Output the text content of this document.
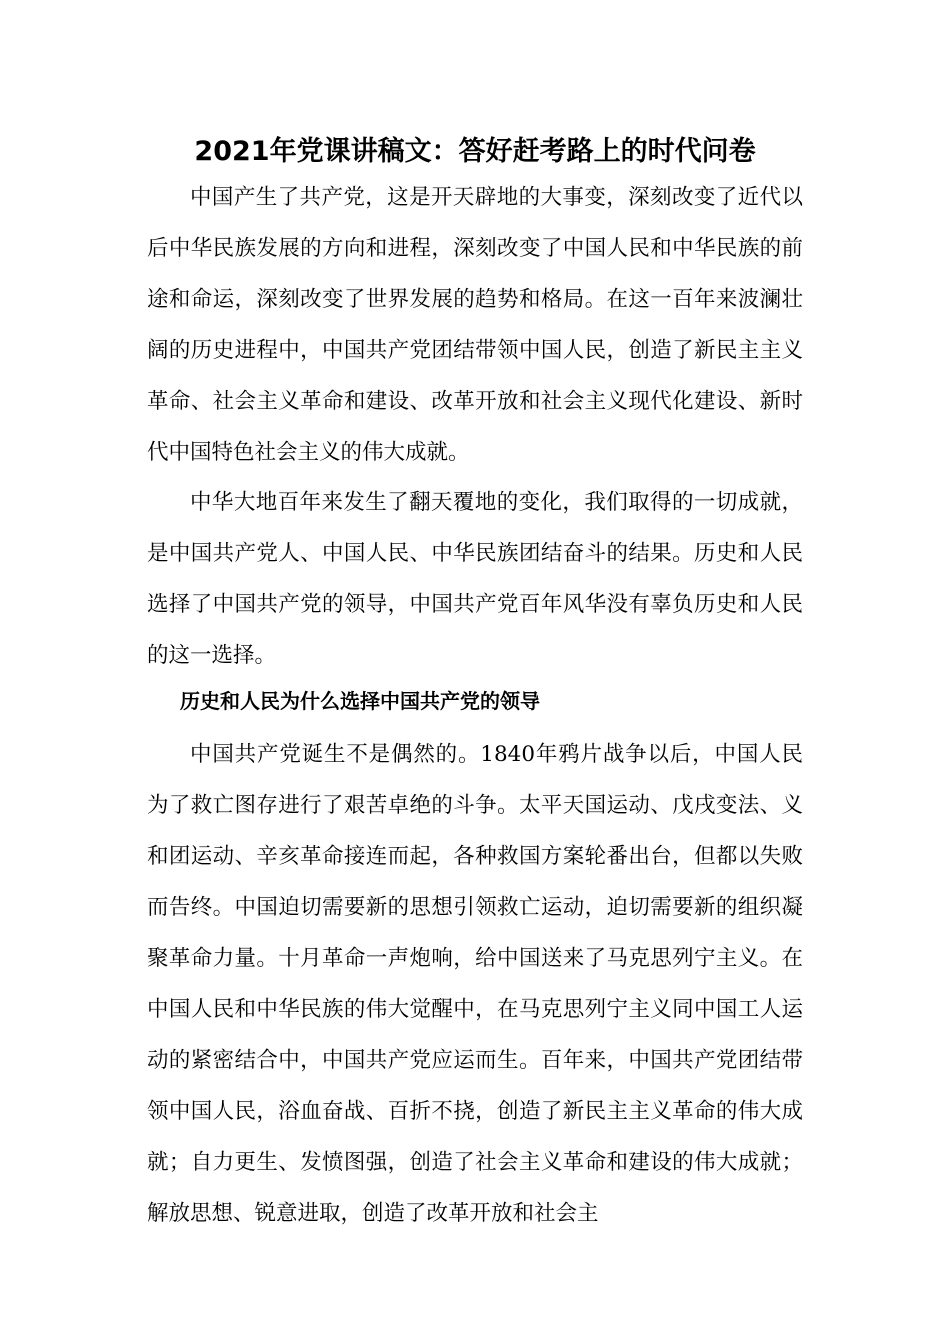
2021年党课讲稿文：答好赶考路上的时代问卷

中国产生了共产党，这是开天辟地的大事变，深刻改变了近代以后中华民族发展的方向和进程，深刻改变了中国人民和中华民族的前途和命运，深刻改变了世界发展的趋势和格局。在这一百年来波澜壮阔的历史进程中，中国共产党团结带领中国人民，创造了新民主主义革命、社会主义革命和建设、改革开放和社会主义现代化建设、新时代中国特色社会主义的伟大成就。

中华大地百年来发生了翻天覆地的变化，我们取得的一切成就，是中国共产党人、中国人民、中华民族团结奋斗的结果。历史和人民选择了中国共产党的领导，中国共产党百年风华没有辜负历史和人民的这一选择。

历史和人民为什么选择中国共产党的领导

中国共产党诞生不是偶然的。1840年鸦片战争以后，中国人民为了救亡图存进行了艰苦卓绝的斗争。太平天国运动、戊戌变法、义和团运动、辛亥革命接连而起，各种救国方案轮番出台，但都以失败而告终。中国迫切需要新的思想引领救亡运动，迫切需要新的组织凝聚革命力量。十月革命一声炮响，给中国送来了马克思列宁主义。在中国人民和中华民族的伟大觉醒中，在马克思列宁主义同中国工人运动的紧密结合中，中国共产党应运而生。百年来，中国共产党团结带领中国人民，浴血奋战、百折不挠，创造了新民主主义革命的伟大成就；自力更生、发愤图强，创造了社会主义革命和建设的伟大成就；解放思想、锐意进取，创造了改革开放和社会主
